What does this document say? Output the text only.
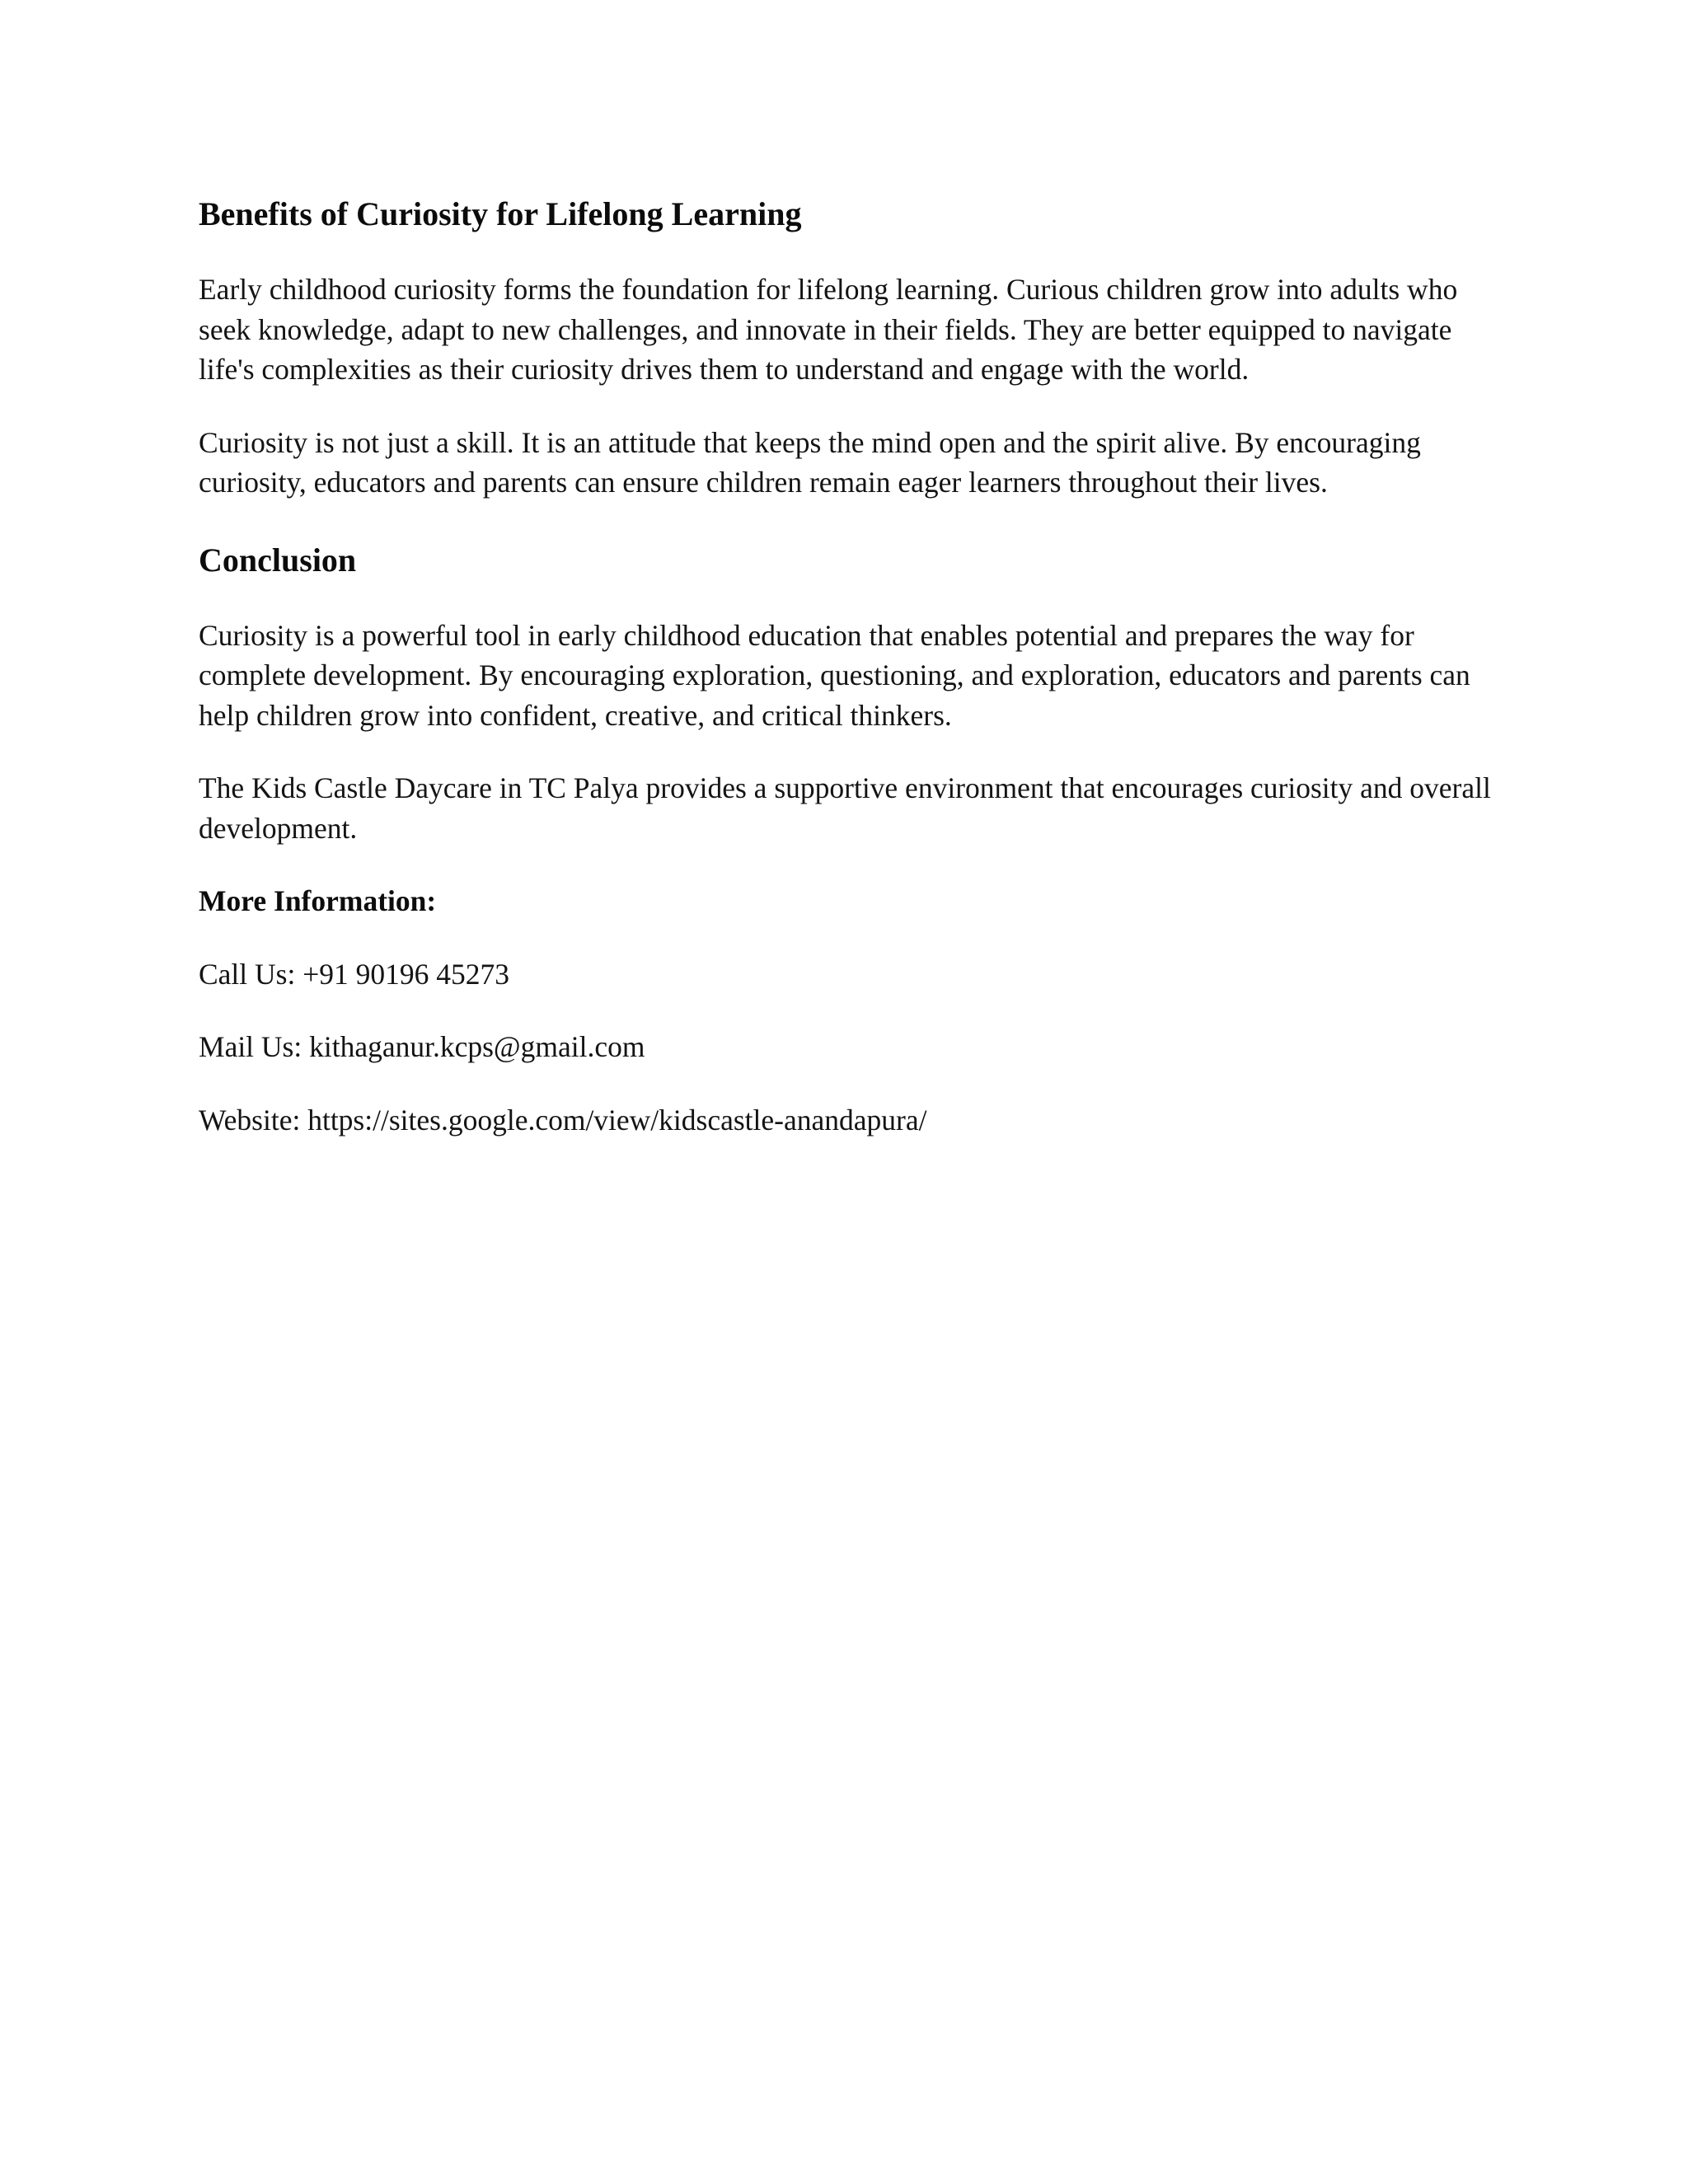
Benefits of Curiosity for Lifelong Learning

Early childhood curiosity forms the foundation for lifelong learning. Curious children grow into adults who seek knowledge, adapt to new challenges, and innovate in their fields. They are better equipped to navigate life's complexities as their curiosity drives them to understand and engage with the world.

Curiosity is not just a skill. It is an attitude that keeps the mind open and the spirit alive. By encouraging curiosity, educators and parents can ensure children remain eager learners throughout their lives.

Conclusion

Curiosity is a powerful tool in early childhood education that enables potential and prepares the way for complete development. By encouraging exploration, questioning, and exploration, educators and parents can help children grow into confident, creative, and critical thinkers.

The Kids Castle Daycare in TC Palya provides a supportive environment that encourages curiosity and overall development.

More Information:

Call Us: +91 90196 45273

Mail Us: kithaganur.kcps@gmail.com

Website: https://sites.google.com/view/kidscastle-anandapura/
